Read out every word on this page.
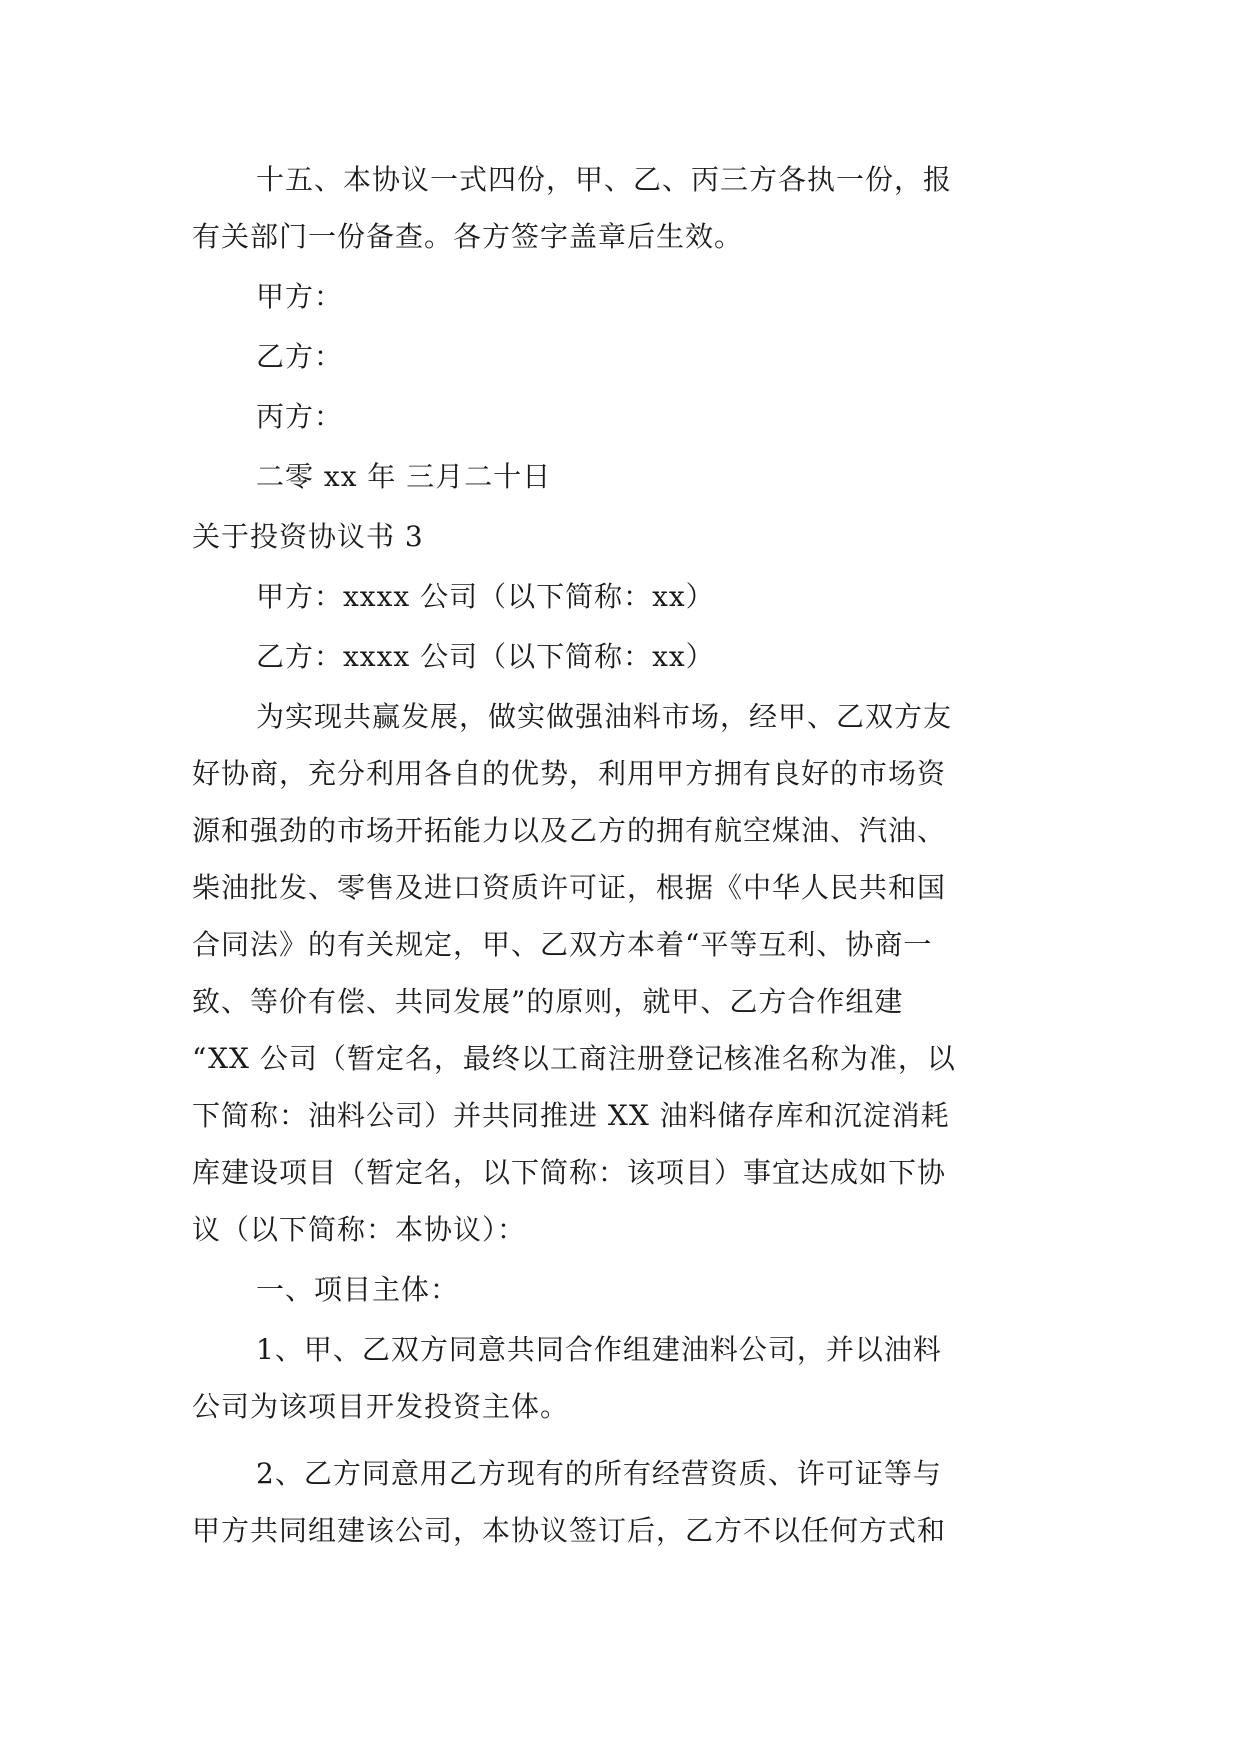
十五、本协议一式四份，甲、乙、丙三方各执一份，报
有关部门一份备查。各方签字盖章后生效。
甲方：
乙方：
丙方：
二零 xx 年 三月二十日
关于投资协议书 3
甲方：xxxx 公司（以下简称：xx）
乙方：xxxx 公司（以下简称：xx）
为实现共赢发展，做实做强油料市场，经甲、乙双方友
好协商，充分利用各自的优势，利用甲方拥有良好的市场资
源和强劲的市场开拓能力以及乙方的拥有航空煤油、汽油、
柴油批发、零售及进口资质许可证，根据《中华人民共和国
合同法》的有关规定，甲、乙双方本着“平等互利、协商一
致、等价有偿、共同发展”的原则，就甲、乙方合作组建
“XX 公司（暂定名，最终以工商注册登记核准名称为准，以
下简称：油料公司）并共同推进 XX 油料储存库和沉淀消耗
库建设项目（暂定名，以下简称：该项目）事宜达成如下协
议（以下简称：本协议）：
一、项目主体：
1、甲、乙双方同意共同合作组建油料公司，并以油料
公司为该项目开发投资主体。
2、乙方同意用乙方现有的所有经营资质、许可证等与
甲方共同组建该公司，本协议签订后，乙方不以任何方式和
